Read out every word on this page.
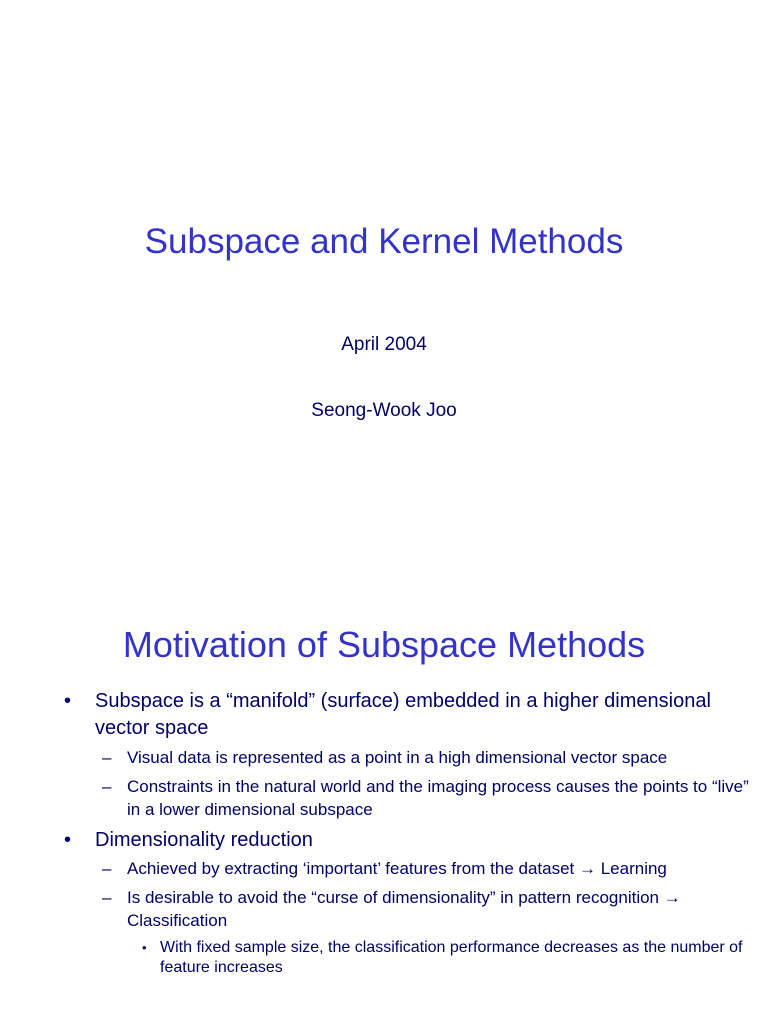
Subspace and Kernel Methods
April 2004
Seong-Wook Joo
Motivation of Subspace Methods
• Subspace is a “manifold” (surface) embedded in a higher dimensional vector space
– Visual data is represented as a point in a high dimensional vector space
– Constraints in the natural world and the imaging process causes the points to “live” in a lower dimensional subspace
• Dimensionality reduction
– Achieved by extracting ‘important’ features from the dataset → Learning
– Is desirable to avoid the “curse of dimensionality” in pattern recognition → Classification
• With fixed sample size, the classification performance decreases as the number of feature increases
